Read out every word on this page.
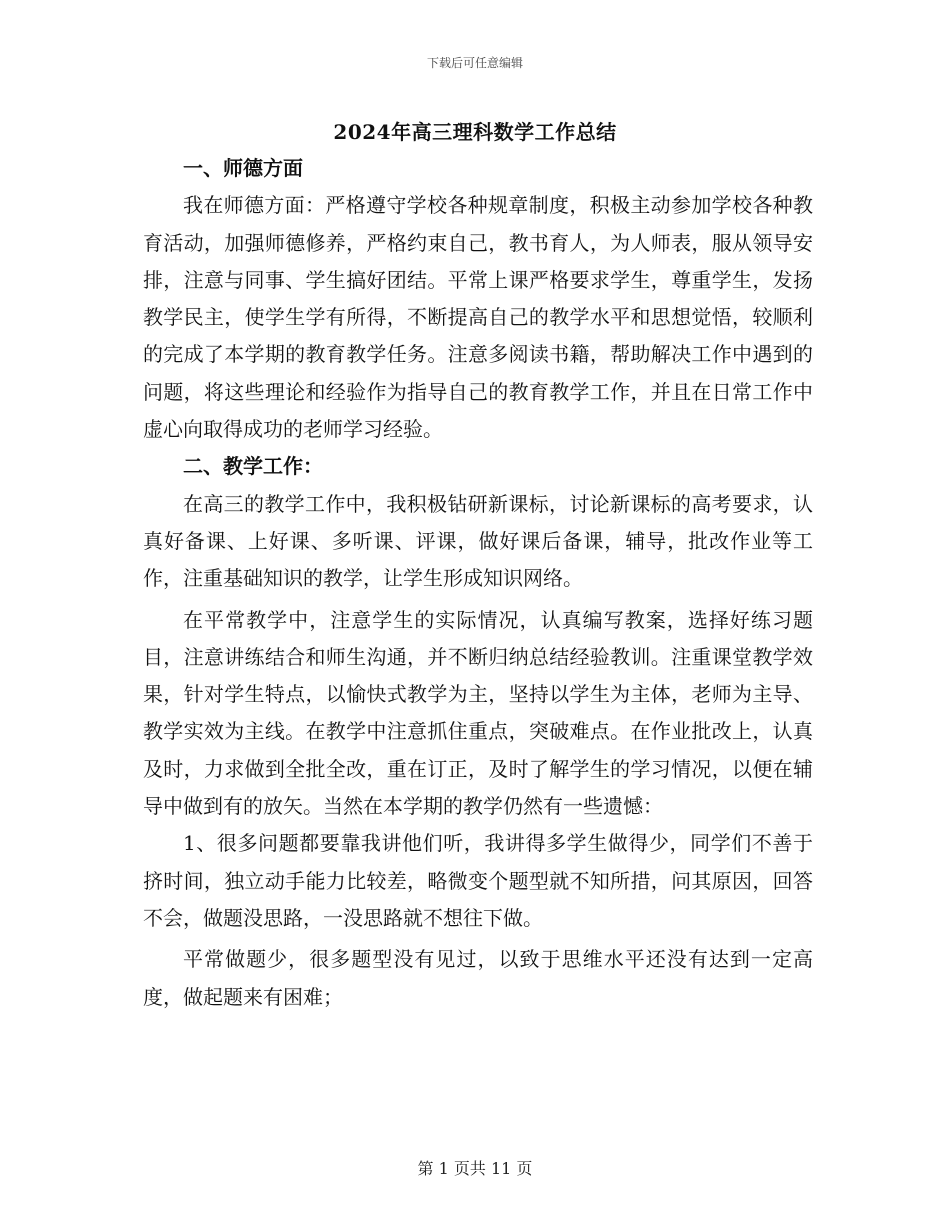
下载后可任意编辑
2024年高三理科数学工作总结
一、师德方面

我在师德方面：严格遵守学校各种规章制度，积极主动参加学校各种教育活动，加强师德修养，严格约束自己，教书育人，为人师表，服从领导安排，注意与同事、学生搞好团结。平常上课严格要求学生，尊重学生，发扬教学民主，使学生学有所得，不断提高自己的教学水平和思想觉悟，较顺利的完成了本学期的教育教学任务。注意多阅读书籍，帮助解决工作中遇到的问题，将这些理论和经验作为指导自己的教育教学工作，并且在日常工作中虚心向取得成功的老师学习经验。

二、教学工作：

在高三的教学工作中，我积极钻研新课标，讨论新课标的高考要求，认真好备课、上好课、多听课、评课，做好课后备课，辅导，批改作业等工作，注重基础知识的教学，让学生形成知识网络。

在平常教学中，注意学生的实际情况，认真编写教案，选择好练习题目，注意讲练结合和师生沟通，并不断归纳总结经验教训。注重课堂教学效果，针对学生特点，以愉快式教学为主，坚持以学生为主体，老师为主导、教学实效为主线。在教学中注意抓住重点，突破难点。在作业批改上，认真及时，力求做到全批全改，重在订正，及时了解学生的学习情况，以便在辅导中做到有的放矢。当然在本学期的教学仍然有一些遗憾：

1、很多问题都要靠我讲他们听，我讲得多学生做得少，同学们不善于挤时间，独立动手能力比较差，略微变个题型就不知所措，问其原因，回答不会，做题没思路，一没思路就不想往下做。

平常做题少，很多题型没有见过，以致于思维水平还没有达到一定高度，做起题来有困难；

第 1 页共 11 页
